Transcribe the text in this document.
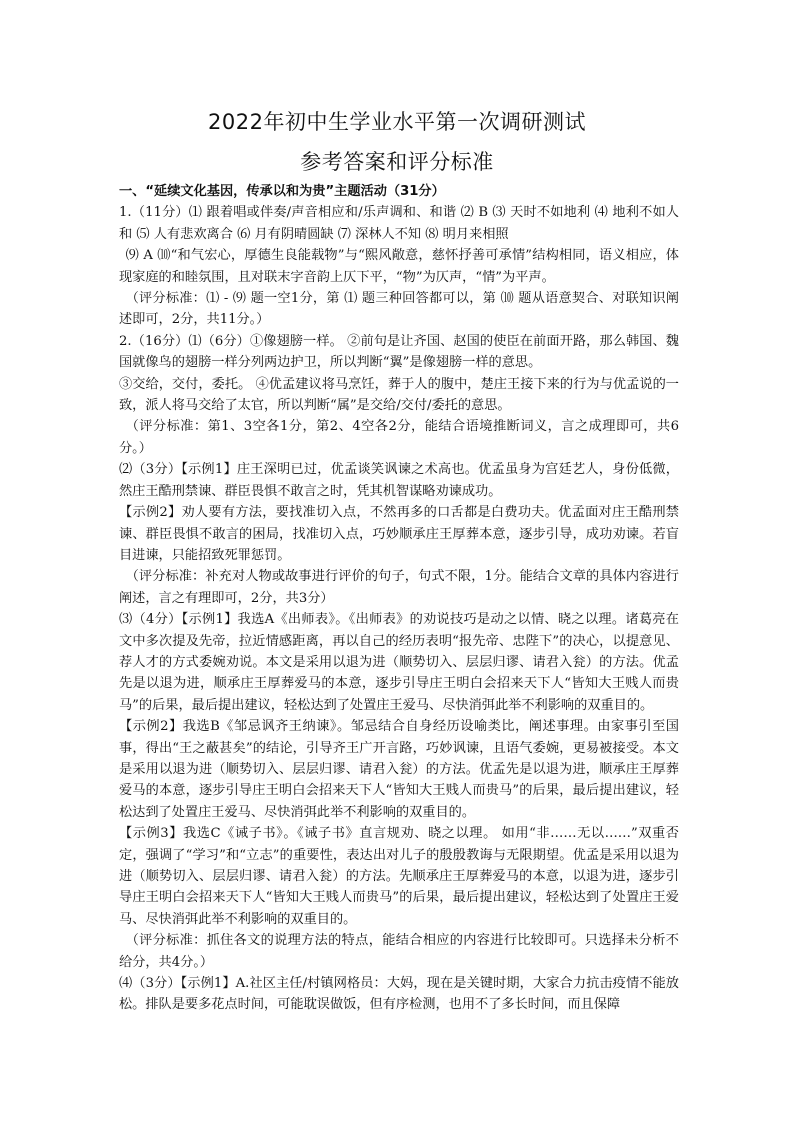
2022年初中生学业水平第一次调研测试
参考答案和评分标准

一、“延续文化基因，传承以和为贵”主题活动（31分）

1.（11分）⑴ 跟着唱或伴奏/声音相应和/乐声调和、和谐 ⑵ B ⑶ 天时不如地利 ⑷ 地利不如人和 ⑸ 人有悲欢离合 ⑹ 月有阴晴圆缺 ⑺ 深林人不知 ⑻ 明月来相照

⑼ A ⑽“和气宏心，厚德生良能载物”与“熙风敞意，慈怀抒善可承情”结构相同，语义相应，体现家庭的和睦氛围，且对联末字音韵上仄下平，“物”为仄声，“情”为平声。

（评分标准：⑴ - ⑼ 题一空1分，第 ⑴ 题三种回答都可以，第 ⑽ 题从语意契合、对联知识阐述即可，2分，共11分。）

2.（16分）⑴（6分）①像翅膀一样。 ②前句是让齐国、赵国的使臣在前面开路，那么韩国、魏国就像鸟的翅膀一样分列两边护卫，所以判断“翼”是像翅膀一样的意思。

③交给，交付，委托。 ④优孟建议将马烹饪，葬于人的腹中，楚庄王接下来的行为与优孟说的一致，派人将马交给了太官，所以判断“属”是交给/交付/委托的意思。

（评分标准：第1、3空各1分，第2、4空各2分，能结合语境推断词义，言之成理即可，共6分。）

⑵（3分）【示例1】庄王深明已过，优孟谈笑讽谏之术高也。优孟虽身为宫廷艺人，身份低微，然庄王酷刑禁谏、群臣畏惧不敢言之时，凭其机智谋略劝谏成功。

【示例2】劝人要有方法，要找准切入点，不然再多的口舌都是白费功夫。优孟面对庄王酷刑禁谏、群臣畏惧不敢言的困局，找准切入点，巧妙顺承庄王厚葬本意，逐步引导，成功劝谏。若盲目进谏，只能招致死罪惩罚。

（评分标准：补充对人物或故事进行评价的句子，句式不限，1分。能结合文章的具体内容进行阐述，言之有理即可，2分，共3分）

⑶（4分）【示例1】我选A《出师表》。《出师表》的劝说技巧是动之以情、晓之以理。诸葛亮在文中多次提及先帝，拉近情感距离，再以自己的经历表明“报先帝、忠陛下”的决心，以提意见、荐人才的方式委婉劝说。本文是采用以退为进（顺势切入、层层归谬、请君入瓮）的方法。优孟先是以退为进，顺承庄王厚葬爱马的本意，逐步引导庄王明白会招来天下人“皆知大王贱人而贵马”的后果，最后提出建议，轻松达到了处置庄王爱马、尽快消弭此举不利影响的双重目的。

【示例2】我选B《邹忌讽齐王纳谏》。邹忌结合自身经历设喻类比，阐述事理。由家事引至国事，得出“王之蔽甚矣”的结论，引导齐王广开言路，巧妙讽谏，且语气委婉，更易被接受。本文是采用以退为进（顺势切入、层层归谬、请君入瓮）的方法。优孟先是以退为进，顺承庄王厚葬爱马的本意，逐步引导庄王明白会招来天下人“皆知大王贱人而贵马”的后果，最后提出建议，轻松达到了处置庄王爱马、尽快消弭此举不利影响的双重目的。

【示例3】我选C《诫子书》。《诫子书》直言规劝、晓之以理。 如用“非……无以……”双重否定，强调了“学习”和“立志”的重要性，表达出对儿子的殷殷教诲与无限期望。优孟是采用以退为进（顺势切入、层层归谬、请君入瓮）的方法。先顺承庄王厚葬爱马的本意，以退为进，逐步引导庄王明白会招来天下人“皆知大王贱人而贵马”的后果，最后提出建议，轻松达到了处置庄王爱马、尽快消弭此举不利影响的双重目的。

（评分标准：抓住各文的说理方法的特点，能结合相应的内容进行比较即可。只选择未分析不给分，共4分。）

⑷（3分）【示例1】A.社区主任/村镇网格员：大妈，现在是关键时期，大家合力抗击疫情不能放松。排队是要多花点时间，可能耽误做饭，但有序检测，也用不了多长时间，而且保障
